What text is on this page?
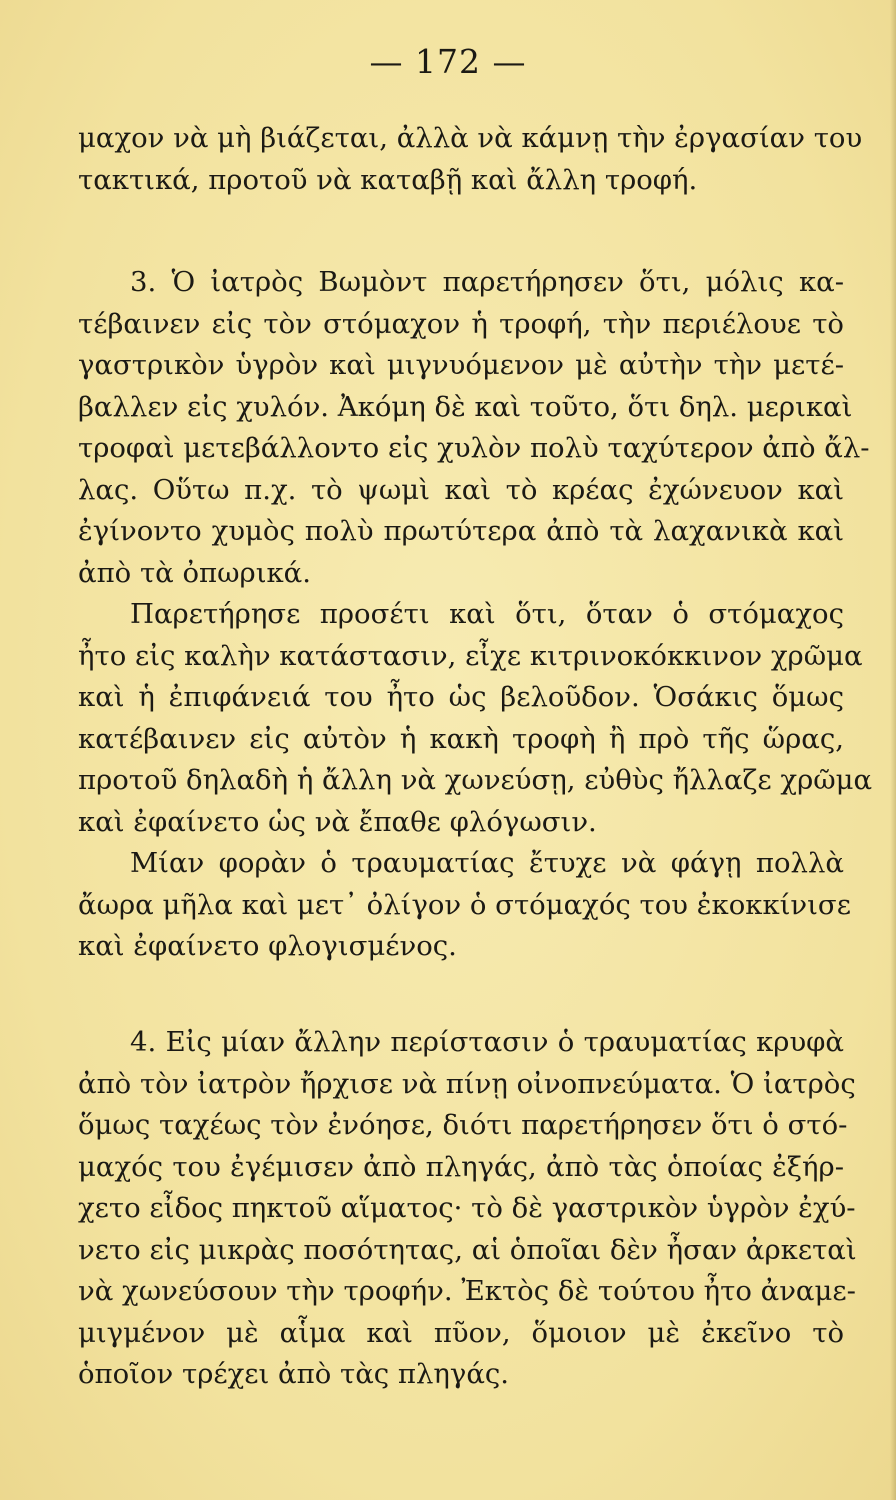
— 172 —
μαχον νὰ μὴ βιάζεται, ἀλλὰ νὰ κάμνῃ τὴν ἐργασίαν του
τακτικά, προτοῦ νὰ καταβῇ καὶ ἄλλη τροφή.
3. Ὁ ἰατρὸς Βωμὸντ παρετήρησεν ὅτι, μόλις κα-
τέβαινεν εἰς τὸν στόμαχον ἡ τροφή, τὴν περιέλουε τὸ
γαστρικὸν ὑγρὸν καὶ μιγνυόμενον μὲ αὐτὴν τὴν μετέ-
βαλλεν εἰς χυλόν. Ἀκόμη δὲ καὶ τοῦτο, ὅτι δηλ. μερικαὶ
τροφαὶ μετεβάλλοντο εἰς χυλὸν πολὺ ταχύτερον ἀπὸ ἄλ-
λας. Οὕτω π.χ. τὸ ψωμὶ καὶ τὸ κρέας ἐχώνευον καὶ
ἐγίνοντο χυμὸς πολὺ πρωτύτερα ἀπὸ τὰ λαχανικὰ καὶ
ἀπὸ τὰ ὀπωρικά.
Παρετήρησε προσέτι καὶ ὅτι, ὅταν ὁ στόμαχος
ἦτο εἰς καλὴν κατάστασιν, εἶχε κιτρινοκόκκινον χρῶμα
καὶ ἡ ἐπιφάνειά του ἦτο ὡς βελοῦδον. Ὁσάκις ὅμως
κατέβαινεν εἰς αὐτὸν ἡ κακὴ τροφὴ ἢ πρὸ τῆς ὥρας,
προτοῦ δηλαδὴ ἡ ἄλλη νὰ χωνεύσῃ, εὐθὺς ἤλλαζε χρῶμα
καὶ ἐφαίνετο ὡς νὰ ἔπαθε φλόγωσιν.
Μίαν φορὰν ὁ τραυματίας ἔτυχε νὰ φάγῃ πολλὰ
ἄωρα μῆλα καὶ μετ᾽ ὀλίγον ὁ στόμαχός του ἐκοκκίνισε
καὶ ἐφαίνετο φλογισμένος.
4. Εἰς μίαν ἄλλην περίστασιν ὁ τραυματίας κρυφὰ
ἀπὸ τὸν ἰατρὸν ἤρχισε νὰ πίνῃ οἰνοπνεύματα. Ὁ ἰατρὸς
ὅμως ταχέως τὸν ἐνόησε, διότι παρετήρησεν ὅτι ὁ στό-
μαχός του ἐγέμισεν ἀπὸ πληγάς, ἀπὸ τὰς ὁποίας ἐξήρ-
χετο εἶδος πηκτοῦ αἵματος· τὸ δὲ γαστρικὸν ὑγρὸν ἐχύ-
νετο εἰς μικρὰς ποσότητας, αἱ ὁποῖαι δὲν ἦσαν ἀρκεταὶ
νὰ χωνεύσουν τὴν τροφήν. Ἐκτὸς δὲ τούτου ἦτο ἀναμε-
μιγμένον μὲ αἷμα καὶ πῦον, ὅμοιον μὲ ἐκεῖνο τὸ
ὁποῖον τρέχει ἀπὸ τὰς πληγάς.
